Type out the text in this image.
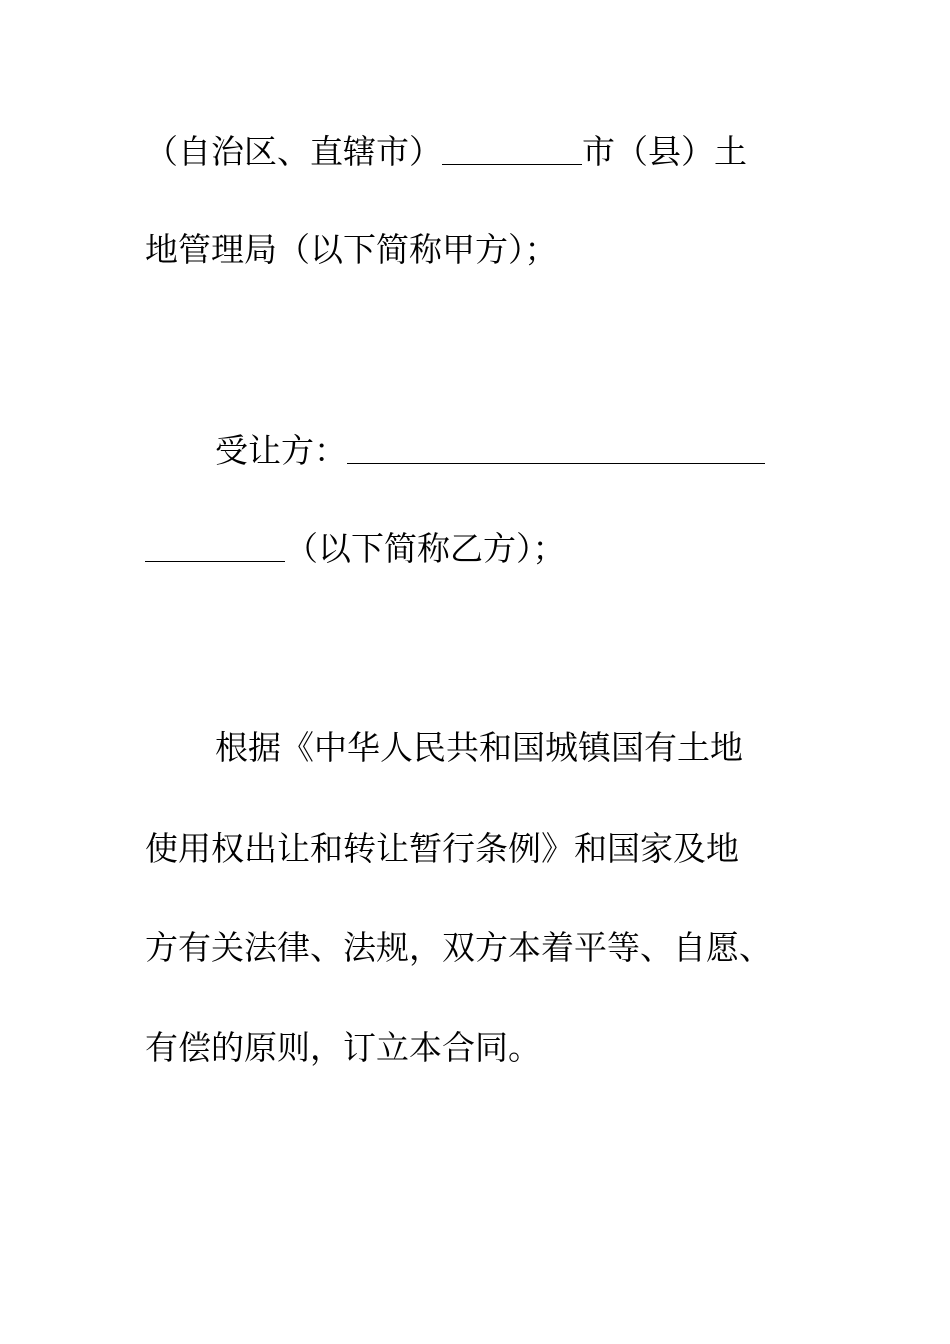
（自治区、直辖市）	市（县）土
地管理局（以下简称甲方）；
受让方：
（以下简称乙方）；
根据《中华人民共和国城镇国有土地
使用权出让和转让暂行条例》和国家及地
方有关法律、法规，双方本着平等、自愿、
有偿的原则，订立本合同。
